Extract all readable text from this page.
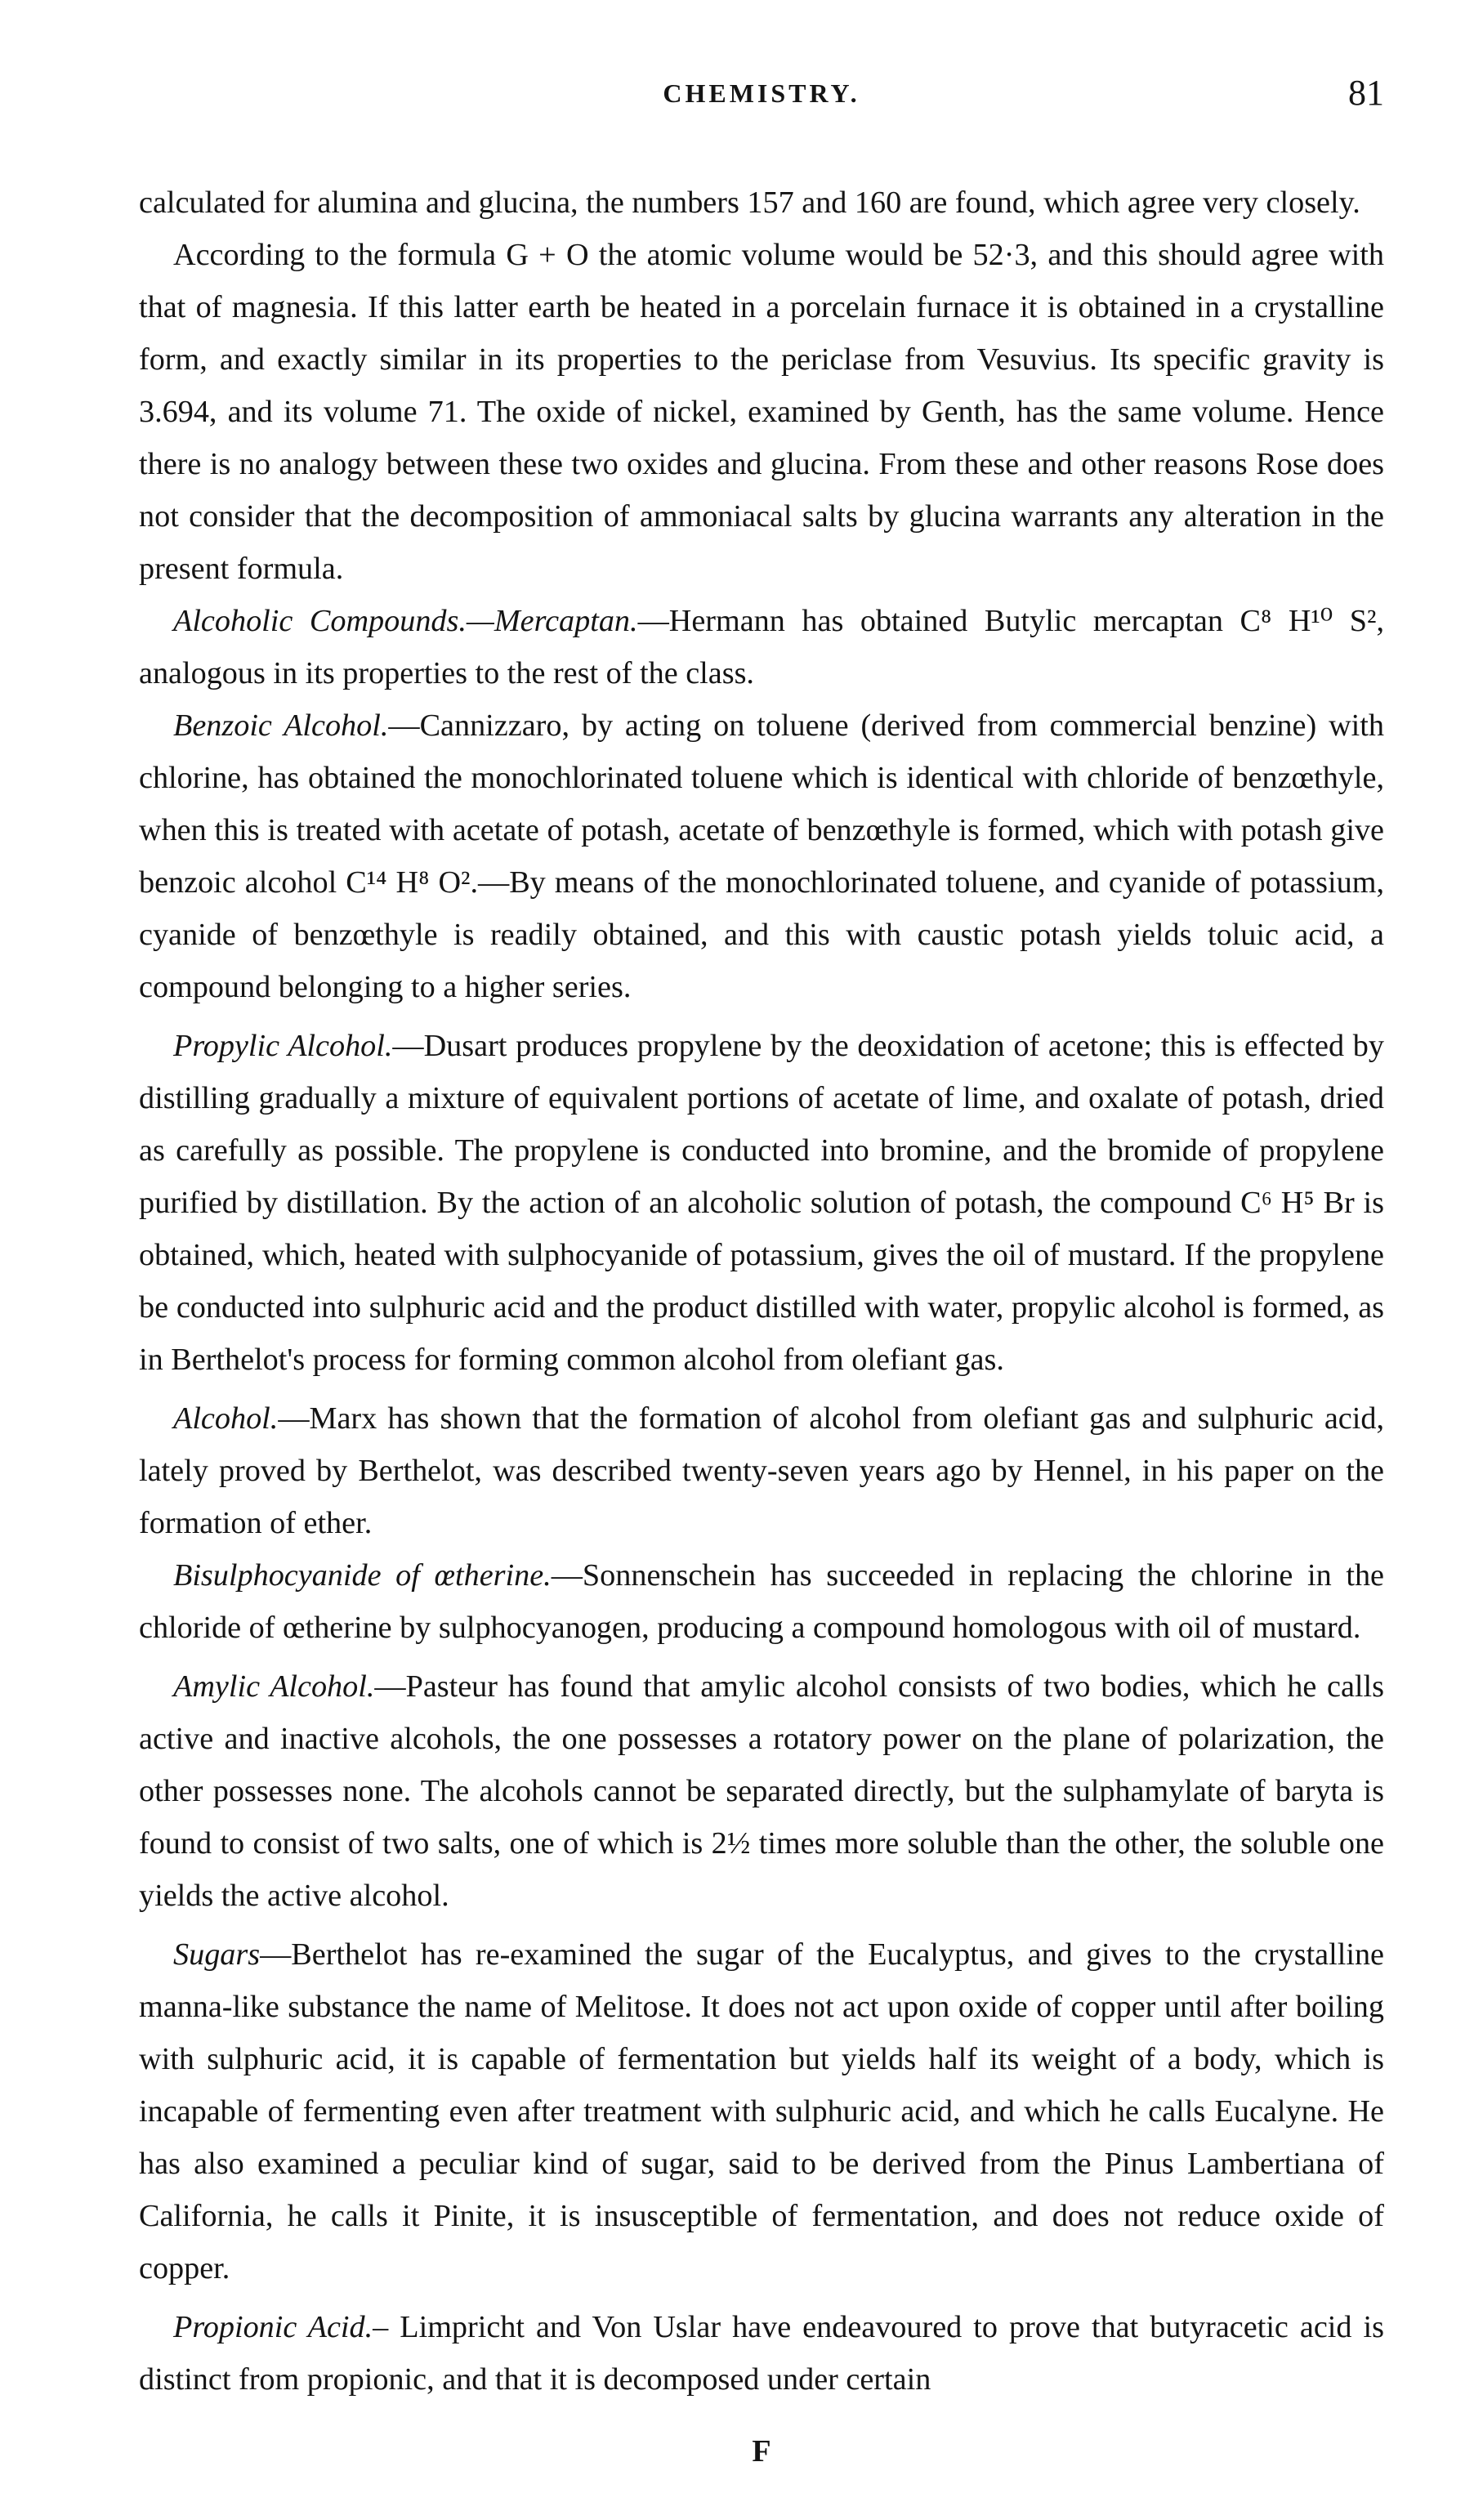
CHEMISTRY.	81

calculated for alumina and glucina, the numbers 157 and 160 are found, which agree very closely.

According to the formula G + O the atomic volume would be 52·3, and this should agree with that of magnesia. If this latter earth be heated in a porcelain furnace it is obtained in a crystalline form, and exactly similar in its properties to the periclase from Vesuvius. Its specific gravity is 3.694, and its volume 71. The oxide of nickel, examined by Genth, has the same volume. Hence there is no analogy between these two oxides and glucina. From these and other reasons Rose does not consider that the decomposition of ammoniacal salts by glucina warrants any alteration in the present formula.

Alcoholic Compounds.—Mercaptan.—Hermann has obtained Butylic mercaptan C⁸ H¹⁰ S², analogous in its properties to the rest of the class.

Benzoic Alcohol.—Cannizzaro, by acting on toluene (derived from commercial benzine) with chlorine, has obtained the monochlorinated toluene which is identical with chloride of benzœthyle, when this is treated with acetate of potash, acetate of benzœthyle is formed, which with potash give benzoic alcohol C¹⁴ H⁸ O².—By means of the monochlorinated toluene, and cyanide of potassium, cyanide of benzœthyle is readily obtained, and this with caustic potash yields toluic acid, a compound belonging to a higher series.

Propylic Alcohol.—Dusart produces propylene by the deoxidation of acetone; this is effected by distilling gradually a mixture of equivalent portions of acetate of lime, and oxalate of potash, dried as carefully as possible. The propylene is conducted into bromine, and the bromide of propylene purified by distillation. By the action of an alcoholic solution of potash, the compound C⁶ H⁵ Br is obtained, which, heated with sulphocyanide of potassium, gives the oil of mustard. If the propylene be conducted into sulphuric acid and the product distilled with water, propylic alcohol is formed, as in Berthelot's process for forming common alcohol from olefiant gas.

Alcohol.—Marx has shown that the formation of alcohol from olefiant gas and sulphuric acid, lately proved by Berthelot, was described twenty-seven years ago by Hennel, in his paper on the formation of ether.

Bisulphocyanide of œtherine.—Sonnenschein has succeeded in replacing the chlorine in the chloride of œtherine by sulphocyanogen, producing a compound homologous with oil of mustard.

Amylic Alcohol.—Pasteur has found that amylic alcohol consists of two bodies, which he calls active and inactive alcohols, the one possesses a rotatory power on the plane of polarization, the other possesses none. The alcohols cannot be separated directly, but the sulphamylate of baryta is found to consist of two salts, one of which is 2½ times more soluble than the other, the soluble one yields the active alcohol.

Sugars—Berthelot has re-examined the sugar of the Eucalyptus, and gives to the crystalline manna-like substance the name of Melitose. It does not act upon oxide of copper until after boiling with sulphuric acid, it is capable of fermentation but yields half its weight of a body, which is incapable of fermenting even after treatment with sulphuric acid, and which he calls Eucalyne. He has also examined a peculiar kind of sugar, said to be derived from the Pinus Lambertiana of California, he calls it Pinite, it is insusceptible of fermentation, and does not reduce oxide of copper.

Propionic Acid.– Limpricht and Von Uslar have endeavoured to prove that butyracetic acid is distinct from propionic, and that it is decomposed under certain

F
